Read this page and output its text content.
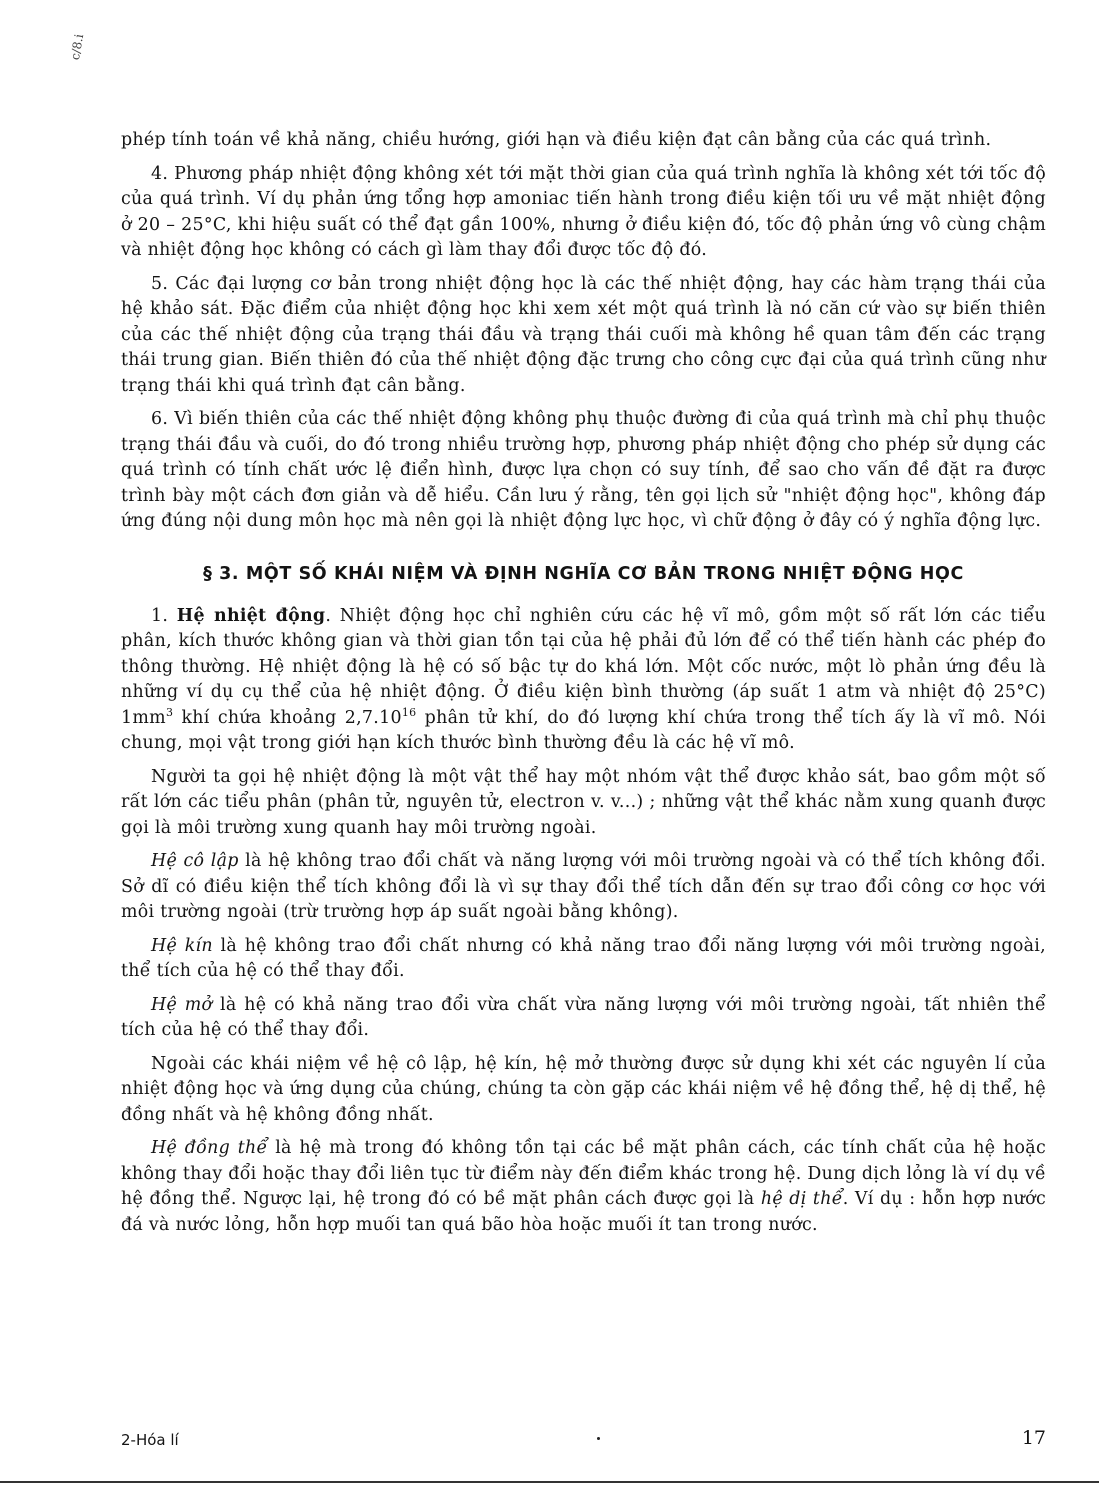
c/8.i

phép tính toán về khả năng, chiều hướng, giới hạn và điều kiện đạt cân bằng của các quá trình.

4. Phương pháp nhiệt động không xét tới mặt thời gian của quá trình nghĩa là không xét tới tốc độ của quá trình. Ví dụ phản ứng tổng hợp amoniac tiến hành trong điều kiện tối ưu về mặt nhiệt động ở 20 – 25°C, khi hiệu suất có thể đạt gần 100%, nhưng ở điều kiện đó, tốc độ phản ứng vô cùng chậm và nhiệt động học không có cách gì làm thay đổi được tốc độ đó.

5. Các đại lượng cơ bản trong nhiệt động học là các thế nhiệt động, hay các hàm trạng thái của hệ khảo sát. Đặc điểm của nhiệt động học khi xem xét một quá trình là nó căn cứ vào sự biến thiên của các thế nhiệt động của trạng thái đầu và trạng thái cuối mà không hề quan tâm đến các trạng thái trung gian. Biến thiên đó của thế nhiệt động đặc trưng cho công cực đại của quá trình cũng như trạng thái khi quá trình đạt cân bằng.

6. Vì biến thiên của các thế nhiệt động không phụ thuộc đường đi của quá trình mà chỉ phụ thuộc trạng thái đầu và cuối, do đó trong nhiều trường hợp, phương pháp nhiệt động cho phép sử dụng các quá trình có tính chất ước lệ điển hình, được lựa chọn có suy tính, để sao cho vấn đề đặt ra được trình bày một cách đơn giản và dễ hiểu. Cần lưu ý rằng, tên gọi lịch sử "nhiệt động học", không đáp ứng đúng nội dung môn học mà nên gọi là nhiệt động lực học, vì chữ động ở đây có ý nghĩa động lực.

§ 3. MỘT SỐ KHÁI NIỆM VÀ ĐỊNH NGHĨA CƠ BẢN TRONG NHIỆT ĐỘNG HỌC

1. Hệ nhiệt động. Nhiệt động học chỉ nghiên cứu các hệ vĩ mô, gồm một số rất lớn các tiểu phân, kích thước không gian và thời gian tồn tại của hệ phải đủ lớn để có thể tiến hành các phép đo thông thường. Hệ nhiệt động là hệ có số bậc tự do khá lớn. Một cốc nước, một lò phản ứng đều là những ví dụ cụ thể của hệ nhiệt động. Ở điều kiện bình thường (áp suất 1 atm và nhiệt độ 25°C) $1mm^3$ khí chứa khoảng 2,7.10$^{16}$ phân tử khí, do đó lượng khí chứa trong thể tích ấy là vĩ mô. Nói chung, mọi vật trong giới hạn kích thước bình thường đều là các hệ vĩ mô.

Người ta gọi hệ nhiệt động là một vật thể hay một nhóm vật thể được khảo sát, bao gồm một số rất lớn các tiểu phân (phân tử, nguyên tử, electron v. v...) ; những vật thể khác nằm xung quanh được gọi là môi trường xung quanh hay môi trường ngoài.

Hệ cô lập là hệ không trao đổi chất và năng lượng với môi trường ngoài và có thể tích không đổi. Sở dĩ có điều kiện thể tích không đổi là vì sự thay đổi thể tích dẫn đến sự trao đổi công cơ học với môi trường ngoài (trừ trường hợp áp suất ngoài bằng không).

Hệ kín là hệ không trao đổi chất nhưng có khả năng trao đổi năng lượng với môi trường ngoài, thể tích của hệ có thể thay đổi.

Hệ mở là hệ có khả năng trao đổi vừa chất vừa năng lượng với môi trường ngoài, tất nhiên thể tích của hệ có thể thay đổi.

Ngoài các khái niệm về hệ cô lập, hệ kín, hệ mở thường được sử dụng khi xét các nguyên lí của nhiệt động học và ứng dụng của chúng, chúng ta còn gặp các khái niệm về hệ đồng thể, hệ dị thể, hệ đồng nhất và hệ không đồng nhất.

Hệ đồng thể là hệ mà trong đó không tồn tại các bề mặt phân cách, các tính chất của hệ hoặc không thay đổi hoặc thay đổi liên tục từ điểm này đến điểm khác trong hệ. Dung dịch lỏng là ví dụ về hệ đồng thể. Ngược lại, hệ trong đó có bề mặt phân cách được gọi là hệ dị thể. Ví dụ : hỗn hợp nước đá và nước lỏng, hỗn hợp muối tan quá bão hòa hoặc muối ít tan trong nước.

2-Hóa lí	17
